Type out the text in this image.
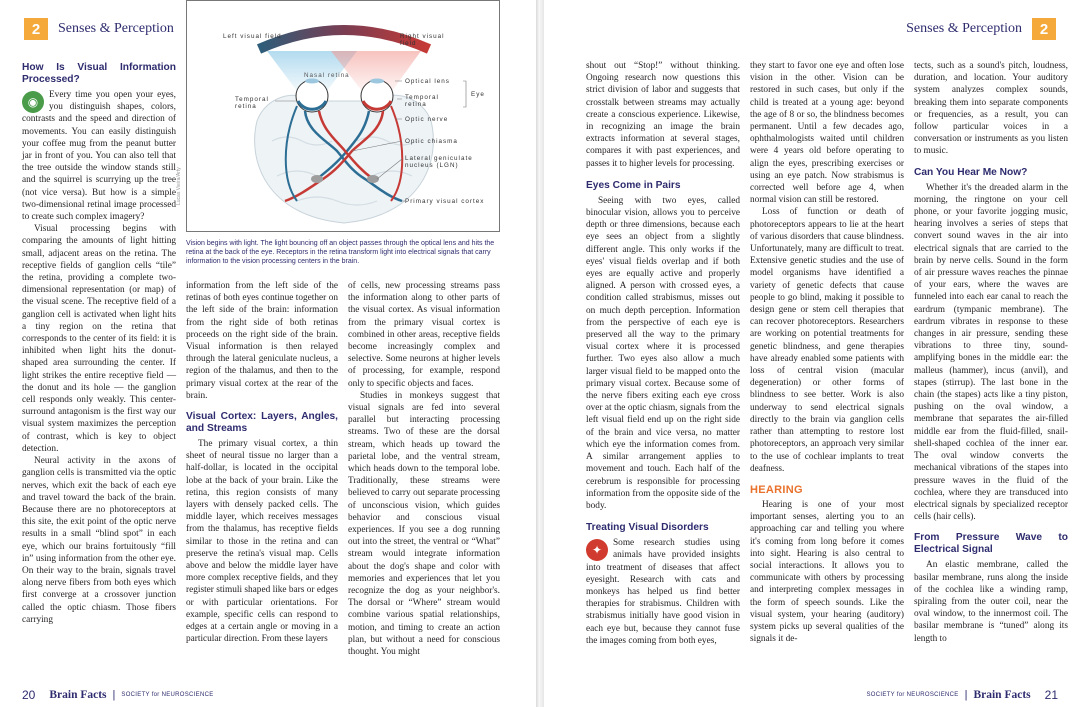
2	Senses & Perception
How Is Visual Information Processed?
◉	Every time you open your eyes, you distinguish shapes, colors, contrasts and the speed and direction of movements. You can easily distinguish your coffee mug from the peanut butter jar in front of you. You can also tell that the tree outside the window stands still and the squirrel is scurrying up the tree (not vice versa). But how is a simple two-dimensional retinal image processed to create such complex imagery?

Visual processing begins with comparing the amounts of light hitting small, adjacent areas on the retina. The receptive fields of ganglion cells “tile” the retina, providing a complete two-dimensional representation (or map) of the visual scene. The receptive field of a ganglion cell is activated when light hits a tiny region on the retina that corresponds to the center of its field: it is inhibited when light hits the donut-shaped area surrounding the center. If light strikes the entire receptive field — the donut and its hole — the ganglion cell responds only weakly. This center-surround antagonism is the first way our visual system maximizes the perception of contrast, which is key to object detection.

Neural activity in the axons of ganglion cells is transmitted via the optic nerves, which exit the back of each eye and travel toward the back of the brain. Because there are no photoreceptors at this site, the exit point of the optic nerve results in a small “blind spot” in each eye, which our brains fortuitously “fill in” using information from the other eye. On their way to the brain, signals travel along nerve fibers from both eyes which first converge at a crossover junction called the optic chiasm. Those fibers carrying

Left visual field	Right visual field
Nasal retina
Temporal retina
Optical lens
Temporal retina
Eye
Optic nerve
Optic chiasma
Lateral geniculate nucleus (LGN)
Primary visual cortex
Lucas Vieira/Arty
Vision begins with light. The light bouncing off an object passes through the optical lens and hits the retina at the back of the eye. Receptors in the retina transform light into electrical signals that carry information to the vision processing centers in the brain.

information from the left side of the retinas of both eyes continue together on the left side of the brain: information from the right side of both retinas proceeds on the right side of the brain. Visual information is then relayed through the lateral geniculate nucleus, a region of the thalamus, and then to the primary visual cortex at the rear of the brain.

Visual Cortex: Layers, Angles, and Streams

The primary visual cortex, a thin sheet of neural tissue no larger than a half-dollar, is located in the occipital lobe at the back of your brain. Like the retina, this region consists of many layers with densely packed cells. The middle layer, which receives messages from the thalamus, has receptive fields similar to those in the retina and can preserve the retina's visual map. Cells above and below the middle layer have more complex receptive fields, and they register stimuli shaped like bars or edges or with particular orientations. For example, specific cells can respond to edges at a certain angle or moving in a particular direction. From these layers

of cells, new processing streams pass the information along to other parts of the visual cortex. As visual information from the primary visual cortex is combined in other areas, receptive fields become increasingly complex and selective. Some neurons at higher levels of processing, for example, respond only to specific objects and faces.

Studies in monkeys suggest that visual signals are fed into several parallel but interacting processing streams. Two of these are the dorsal stream, which heads up toward the parietal lobe, and the ventral stream, which heads down to the temporal lobe. Traditionally, these streams were believed to carry out separate processing of unconscious vision, which guides behavior and conscious visual experiences. If you see a dog running out into the street, the ventral or “What” stream would integrate information about the dog's shape and color with memories and experiences that let you recognize the dog as your neighbor's. The dorsal or “Where” stream would combine various spatial relationships, motion, and timing to create an action plan, but without a need for conscious thought. You might

20 Brain Facts | SOCIETY for NEUROSCIENCE
Senses & Perception	2

shout out “Stop!” without thinking. Ongoing research now questions this strict division of labor and suggests that crosstalk between streams may actually create a conscious experience. Likewise, in recognizing an image the brain extracts information at several stages, compares it with past experiences, and passes it to higher levels for processing.

Eyes Come in Pairs

Seeing with two eyes, called binocular vision, allows you to perceive depth or three dimensions, because each eye sees an object from a slightly different angle. This only works if the eyes' visual fields overlap and if both eyes are equally active and properly aligned. A person with crossed eyes, a condition called strabismus, misses out on much depth perception. Information from the perspective of each eye is preserved all the way to the primary visual cortex where it is processed further. Two eyes also allow a much larger visual field to be mapped onto the primary visual cortex. Because some of the nerve fibers exiting each eye cross over at the optic chiasm, signals from the left visual field end up on the right side of the brain and vice versa, no matter which eye the information comes from. A similar arrangement applies to movement and touch. Each half of the cerebrum is responsible for processing information from the opposite side of the body.

Treating Visual Disorders
✦	Some research studies using animals have provided insights into treatment of diseases that affect eyesight. Research with cats and monkeys has helped us find better therapies for strabismus. Children with strabismus initially have good vision in each eye but, because they cannot fuse the images coming from both eyes,

they start to favor one eye and often lose vision in the other. Vision can be restored in such cases, but only if the child is treated at a young age: beyond the age of 8 or so, the blindness becomes permanent. Until a few decades ago, ophthalmologists waited until children were 4 years old before operating to align the eyes, prescribing exercises or using an eye patch. Now strabismus is corrected well before age 4, when normal vision can still be restored.

Loss of function or death of photoreceptors appears to lie at the heart of various disorders that cause blindness. Unfortunately, many are difficult to treat. Extensive genetic studies and the use of model organisms have identified a variety of genetic defects that cause people to go blind, making it possible to design gene or stem cell therapies that can recover photoreceptors. Researchers are working on potential treatments for genetic blindness, and gene therapies have already enabled some patients with loss of central vision (macular degeneration) or other forms of blindness to see better. Work is also underway to send electrical signals directly to the brain via ganglion cells rather than attempting to restore lost photoreceptors, an approach very similar to the use of cochlear implants to treat deafness.

HEARING

Hearing is one of your most important senses, alerting you to an approaching car and telling you where it's coming from long before it comes into sight. Hearing is also central to social interactions. It allows you to communicate with others by processing and interpreting complex messages in the form of speech sounds. Like the visual system, your hearing (auditory) system picks up several qualities of the signals it de-

tects, such as a sound's pitch, loudness, duration, and location. Your auditory system analyzes complex sounds, breaking them into separate components or frequencies, as a result, you can follow particular voices in a conversation or instruments as you listen to music.

Can You Hear Me Now?

Whether it's the dreaded alarm in the morning, the ringtone on your cell phone, or your favorite jogging music, hearing involves a series of steps that convert sound waves in the air into electrical signals that are carried to the brain by nerve cells. Sound in the form of air pressure waves reaches the pinnae of your ears, where the waves are funneled into each ear canal to reach the eardrum (tympanic membrane). The eardrum vibrates in response to these changes in air pressure, sending these vibrations to three tiny, sound-amplifying bones in the middle ear: the malleus (hammer), incus (anvil), and stapes (stirrup). The last bone in the chain (the stapes) acts like a tiny piston, pushing on the oval window, a membrane that separates the air-filled middle ear from the fluid-filled, snail-shell-shaped cochlea of the inner ear. The oval window converts the mechanical vibrations of the stapes into pressure waves in the fluid of the cochlea, where they are transduced into electrical signals by specialized receptor cells (hair cells).

From Pressure Wave to Electrical Signal

An elastic membrane, called the basilar membrane, runs along the inside of the cochlea like a winding ramp, spiraling from the outer coil, near the oval window, to the innermost coil. The basilar membrane is “tuned” along its length to

SOCIETY for NEUROSCIENCE | Brain Facts 21
